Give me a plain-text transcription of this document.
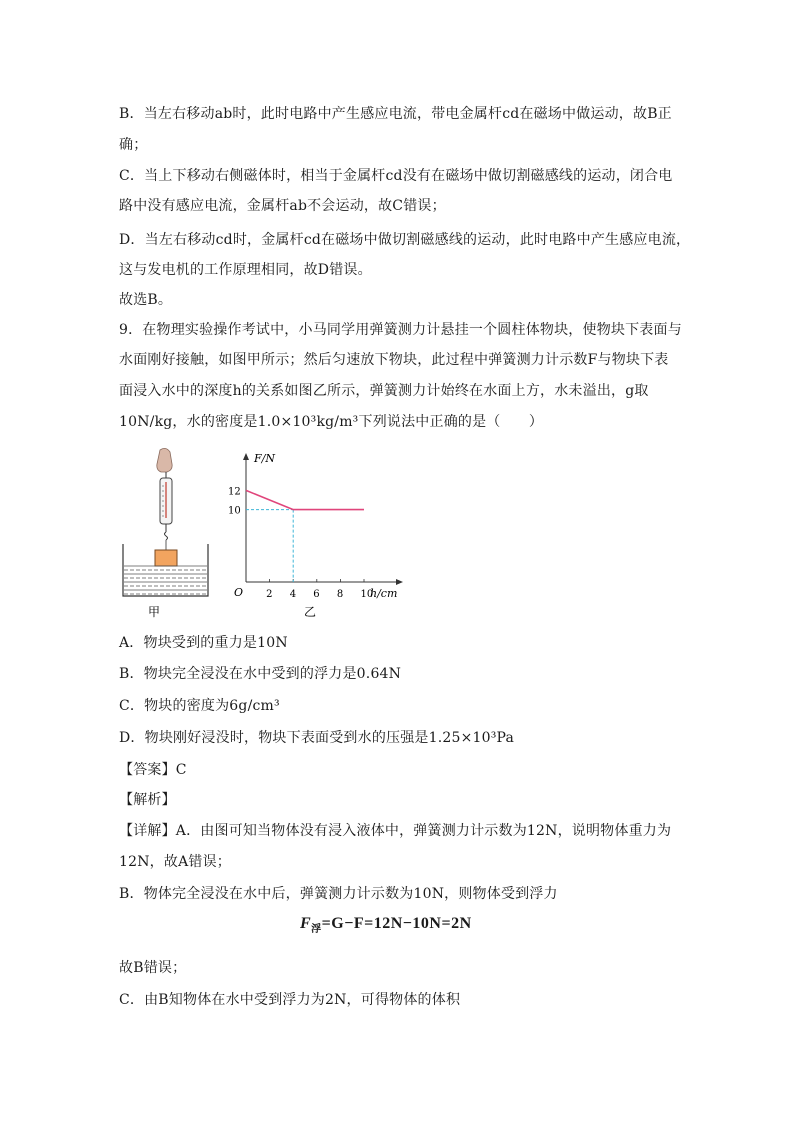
B．当左右移动ab时，此时电路中产生感应电流，带电金属杆cd在磁场中做运动，故B正
确；
C．当上下移动右侧磁体时，相当于金属杆cd没有在磁场中做切割磁感线的运动，闭合电
路中没有感应电流，金属杆ab不会运动，故C错误；
D．当左右移动cd时，金属杆cd在磁场中做切割磁感线的运动，此时电路中产生感应电流，
这与发电机的工作原理相同，故D错误。
故选B。
9．在物理实验操作考试中，小马同学用弹簧测力计悬挂一个圆柱体物块，使物块下表面与
水面刚好接触，如图甲所示；然后匀速放下物块，此过程中弹簧测力计示数F与物块下表
面浸入水中的深度h的关系如图乙所示，弹簧测力计始终在水面上方，水未溢出，g取
10N/kg，水的密度是1.0×10³kg/m³下列说法中正确的是（　　）
甲
F/N
h/cm
O 2 4 6 8 10
10
12
乙
A．物块受到的重力是10N
B．物块完全浸没在水中受到的浮力是0.64N
C．物块的密度为6g/cm³
D．物块刚好浸没时，物块下表面受到水的压强是1.25×10³Pa
【答案】C
【解析】
【详解】A．由图可知当物体没有浸入液体中，弹簧测力计示数为12N，说明物体重力为
12N，故A错误；
B．物体完全浸没在水中后，弹簧测力计示数为10N，则物体受到浮力
$F_浮=G-F=12N-10N=2N$
故B错误；
C．由B知物体在水中受到浮力为2N，可得物体的体积
